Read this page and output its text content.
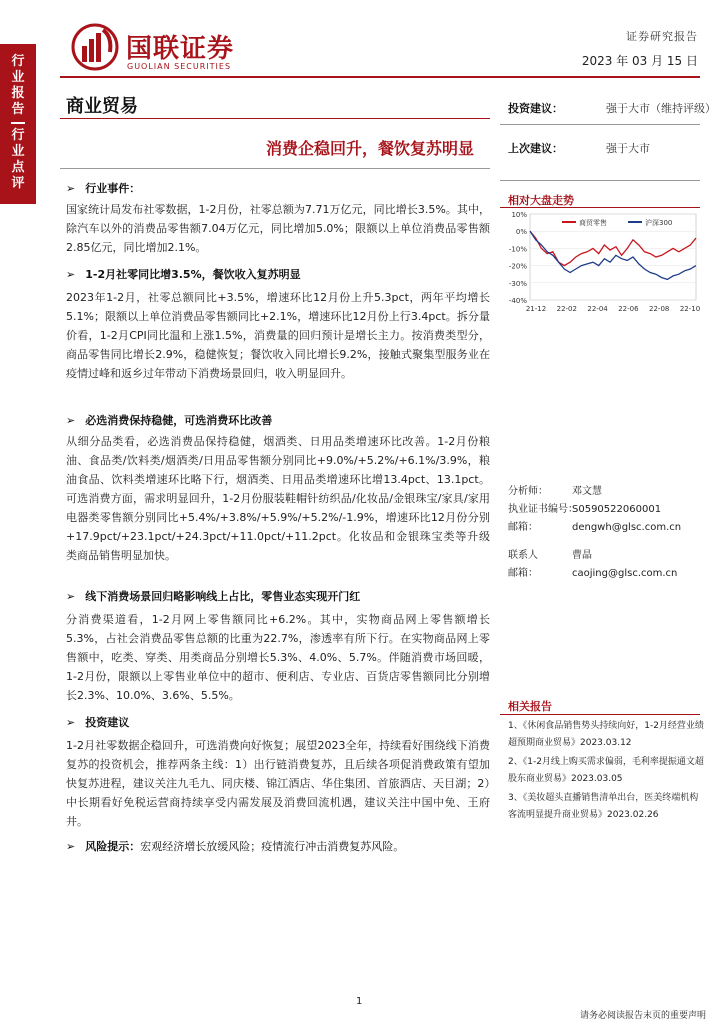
行
业
报
告
行
业
点
评
国联证券
GUOLIAN SECURITIES
证券研究报告
2023 年 03 月 15 日
商业贸易
消费企稳回升，餐饮复苏明显
投资建议：	强于大市（维持评级）
上次建议：	强于大市
相对大盘走势
10%
0%
-10%
-20%
-30%
-40%
21-12 22-02 22-04 22-06 22-08 22-10
商贸零售	沪深300
分析师： 邓文慧
执业证书编号：S0590522060001
邮箱：	dengwh@glsc.com.cn
联系人	曹晶
邮箱：	caojing@glsc.com.cn
相关报告
1、《休闲食品销售势头持续向好，1-2月经营业绩超预期商业贸易》2023.03.12
2、《1-2月线上购买需求偏弱，毛利率提振通文超股东商业贸易》2023.03.05
3、《美妆超头直播销售清单出台，医美终端机构客流明显提升商业贸易》2023.02.26
➢ 行业事件：
国家统计局发布社零数据，1-2月份，社零总额为7.71万亿元，同比增长3.5%。其中，除汽车以外的消费品零售额7.04万亿元，同比增加5.0%；限额以上单位消费品零售额2.85亿元，同比增加2.1%。
➢ 1-2月社零同比增3.5%，餐饮收入复苏明显
2023年1-2月，社零总额同比+3.5%，增速环比12月份上升5.3pct，两年平均增长5.1%；限额以上单位消费品零售额同比+2.1%，增速环比12月份上行3.4pct。拆分量价看，1-2月CPI同比温和上涨1.5%，消费量的回归预计是增长主力。按消费类型分，商品零售同比增长2.9%，稳健恢复；餐饮收入同比增长9.2%，接触式聚集型服务业在疫情过峰和返乡过年带动下消费场景回归，收入明显回升。
➢ 必选消费保持稳健，可选消费环比改善
从细分品类看，必选消费品保持稳健，烟酒类、日用品类增速环比改善。1-2月份粮油、食品类/饮料类/烟酒类/日用品零售额分别同比+9.0%/+5.2%/+6.1%/3.9%，粮油食品、饮料类增速环比略下行，烟酒类、日用品类增速环比增13.4pct、13.1pct。可选消费方面，需求明显回升，1-2月份服装鞋帽针纺织品/化妆品/金银珠宝/家具/家用电器类零售额分别同比+5.4%/+3.8%/+5.9%/+5.2%/-1.9%，增速环比12月份分别+17.9pct/+23.1pct/+24.3pct/+11.0pct/+11.2pct。化妆品和金银珠宝类等升级类商品销售明显加快。
➢ 线下消费场景回归略影响线上占比，零售业态实现开门红
分消费渠道看，1-2月网上零售额同比+6.2%。其中，实物商品网上零售额增长5.3%，占社会消费品零售总额的比重为22.7%，渗透率有所下行。在实物商品网上零售额中，吃类、穿类、用类商品分别增长5.3%、4.0%、5.7%。伴随消费市场回暖，1-2月份，限额以上零售业单位中的超市、便利店、专业店、百货店零售额同比分别增长2.3%、10.0%、3.6%、5.5%。
➢ 投资建议
1-2月社零数据企稳回升，可选消费向好恢复；展望2023全年，持续看好围绕线下消费复苏的投资机会，推荐两条主线：1）出行链消费复苏，且后续各项促消费政策有望加快复苏进程，建议关注九毛九、同庆楼、锦江酒店、华住集团、首旅酒店、天目湖；2）中长期看好免税运营商持续享受内需发展及消费回流机遇，建议关注中国中免、王府井。
➢ 风险提示：宏观经济增长放缓风险；疫情流行冲击消费复苏风险。
1
请务必阅读报告末页的重要声明
